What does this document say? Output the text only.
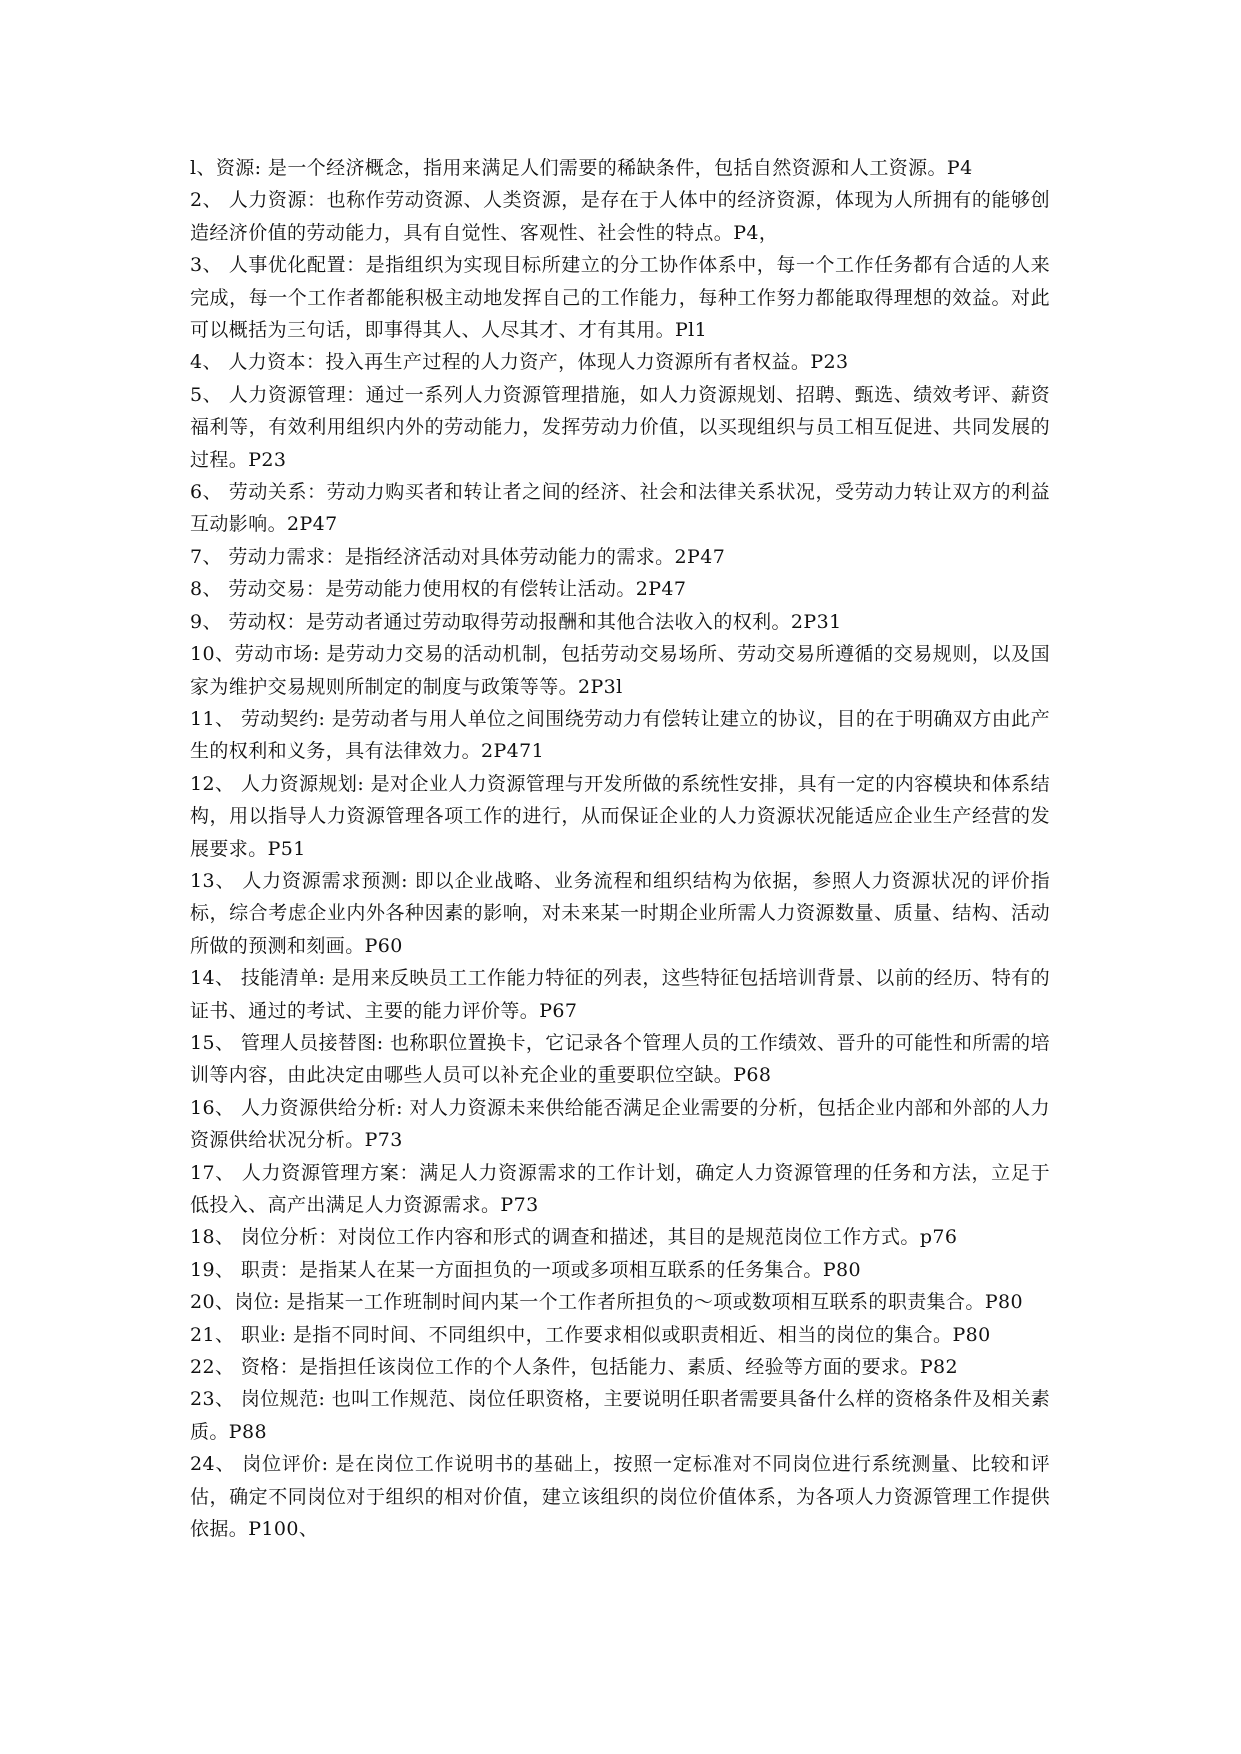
l、资源: 是一个经济概念，指用来满足人们需要的稀缺条件，包括自然资源和人工资源。P4

2、 人力资源：也称作劳动资源、人类资源，是存在于人体中的经济资源，体现为人所拥有的能够创造经济价值的劳动能力，具有自觉性、客观性、社会性的特点。P4，

3、 人事优化配置：是指组织为实现目标所建立的分工协作体系中，每一个工作任务都有合适的人来完成，每一个工作者都能积极主动地发挥自己的工作能力，每种工作努力都能取得理想的效益。对此可以概括为三句话，即事得其人、人尽其才、才有其用。Pl1

4、 人力资本：投入再生产过程的人力资产，体现人力资源所有者权益。P23

5、 人力资源管理：通过一系列人力资源管理措施，如人力资源规划、招聘、甄选、绩效考评、薪资福利等，有效利用组织内外的劳动能力，发挥劳动力价值，以买现组织与员工相互促进、共同发展的过程。P23

6、 劳动关系：劳动力购买者和转让者之间的经济、社会和法律关系状况，受劳动力转让双方的利益互动影响。2P47

7、 劳动力需求：是指经济活动对具体劳动能力的需求。2P47

8、 劳动交易：是劳动能力使用权的有偿转让活动。2P47

9、 劳动权：是劳动者通过劳动取得劳动报酬和其他合法收入的权利。2P31

10、劳动市场: 是劳动力交易的活动机制，包括劳动交易场所、劳动交易所遵循的交易规则，以及国家为维护交易规则所制定的制度与政策等等。2P3l

11、 劳动契约: 是劳动者与用人单位之间围绕劳动力有偿转让建立的协议，目的在于明确双方由此产生的权利和义务，具有法律效力。2P471

12、 人力资源规划: 是对企业人力资源管理与开发所做的系统性安排，具有一定的内容模块和体系结构，用以指导人力资源管理各项工作的进行，从而保证企业的人力资源状况能适应企业生产经营的发展要求。P51

13、 人力资源需求预测: 即以企业战略、业务流程和组织结构为依据，参照人力资源状况的评价指标，综合考虑企业内外各种因素的影响，对未来某一时期企业所需人力资源数量、质量、结构、活动所做的预测和刻画。P60

14、 技能清单: 是用来反映员工工作能力特征的列表，这些特征包括培训背景、以前的经历、特有的证书、通过的考试、主要的能力评价等。P67

15、 管理人员接替图: 也称职位置换卡，它记录各个管理人员的工作绩效、晋升的可能性和所需的培训等内容，由此决定由哪些人员可以补充企业的重要职位空缺。P68

16、 人力资源供给分析: 对人力资源未来供给能否满足企业需要的分析，包括企业内部和外部的人力资源供给状况分析。P73

17、 人力资源管理方案：满足人力资源需求的工作计划，确定人力资源管理的任务和方法，立足于低投入、高产出满足人力资源需求。P73

18、 岗位分析：对岗位工作内容和形式的调查和描述，其目的是规范岗位工作方式。p76

19、 职责：是指某人在某一方面担负的一项或多项相互联系的任务集合。P80

20、岗位: 是指某一工作班制时间内某一个工作者所担负的～项或数项相互联系的职责集合。P80

21、 职业: 是指不同时间、不同组织中，工作要求相似或职责相近、相当的岗位的集合。P80

22、 资格：是指担任该岗位工作的个人条件，包括能力、素质、经验等方面的要求。P82

23、 岗位规范: 也叫工作规范、岗位任职资格，主要说明任职者需要具备什么样的资格条件及相关素质。P88

24、 岗位评价: 是在岗位工作说明书的基础上，按照一定标准对不同岗位进行系统测量、比较和评估，确定不同岗位对于组织的相对价值，建立该组织的岗位价值体系，为各项人力资源管理工作提供依据。P100、
